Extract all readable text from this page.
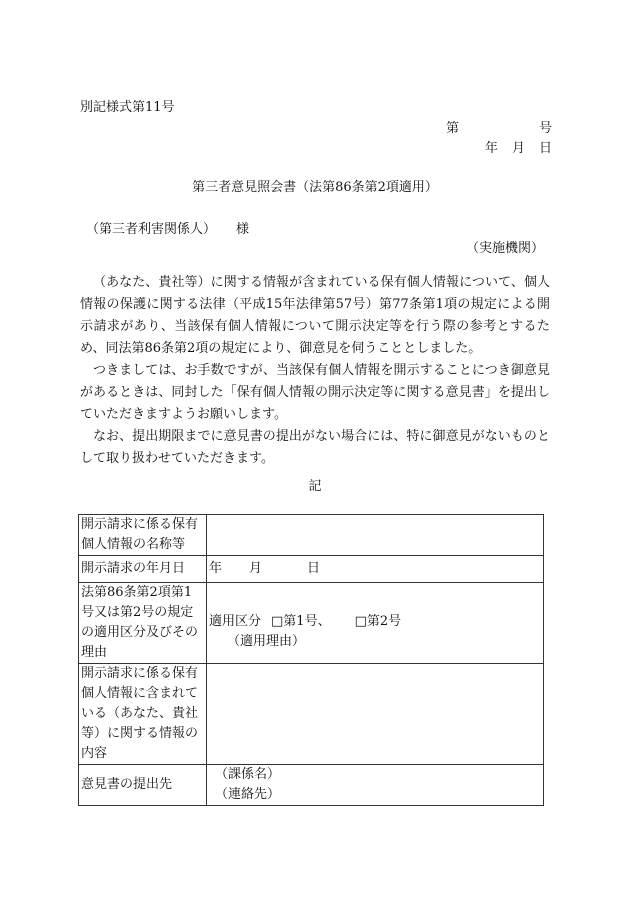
別記様式第11号
第	号
年 月 日
第三者意見照会書（法第86条第2項適用）
（第三者利害関係人） 様
（実施機関）

（あなた、貴社等）に関する情報が含まれている保有個人情報について、個人情報の保護に関する法律（平成15年法律第57号）第77条第1項の規定による開示請求があり、当該保有個人情報について開示決定等を行う際の参考とするため、同法第86条第2項の規定により、御意見を伺うこととしました。

つきましては、お手数ですが、当該保有個人情報を開示することにつき御意見があるときは、同封した「保有個人情報の開示決定等に関する意見書」を提出していただきますようお願いします。

なお、提出期限までに意見書の提出がない場合には、特に御意見がないものとして取り扱わせていただきます。

記
開示請求に係る保有個人情報の名称等	
開示請求の年月日	年 月 日
法第86条第2項第1号又は第2号の規定の適用区分及びその理由	適用区分 □第1号、 □第2号
（適用理由）

開示請求に係る保有個人情報に含まれている（あなた、貴社等）に関する情報の内容	
意見書の提出先	（課係名）
（連絡先）
